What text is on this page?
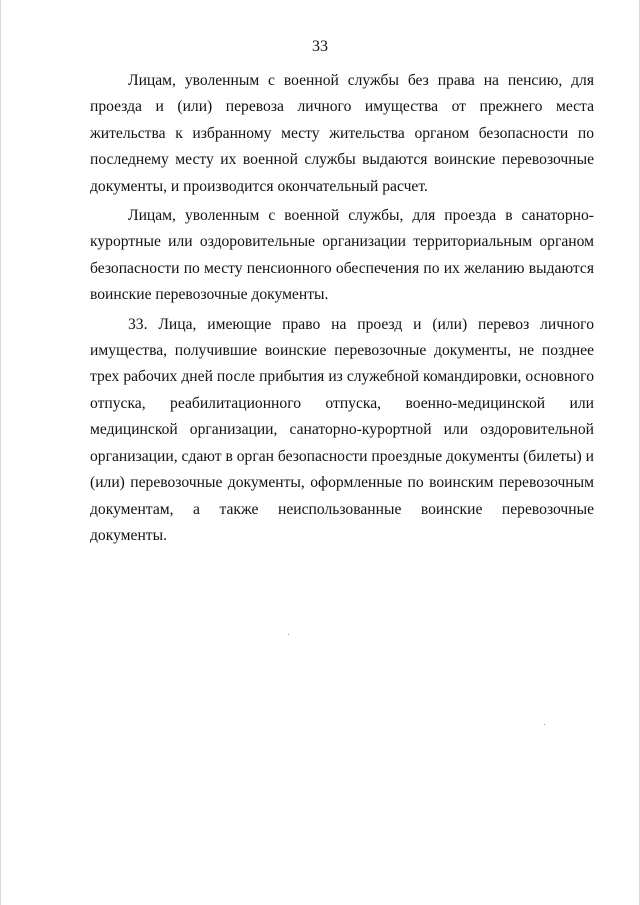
33

Лицам, уволенным с военной службы без права на пенсию, для проезда и (или) перевоза личного имущества от прежнего места жительства к избранному месту жительства органом безопасности по последнему месту их военной службы выдаются воинские перевозочные документы, и производится окончательный расчет.

Лицам, уволенным с военной службы, для проезда в санаторно-курортные или оздоровительные организации территориальным органом безопасности по месту пенсионного обеспечения по их желанию выдаются воинские перевозочные документы.

33. Лица, имеющие право на проезд и (или) перевоз личного имущества, получившие воинские перевозочные документы, не позднее трех рабочих дней после прибытия из служебной командировки, основного отпуска, реабилитационного отпуска, военно-медицинской или медицинской организации, санаторно-курортной или оздоровительной организации, сдают в орган безопасности проездные документы (билеты) и (или) перевозочные документы, оформленные по воинским перевозочным документам, а также неиспользованные воинские перевозочные документы.
